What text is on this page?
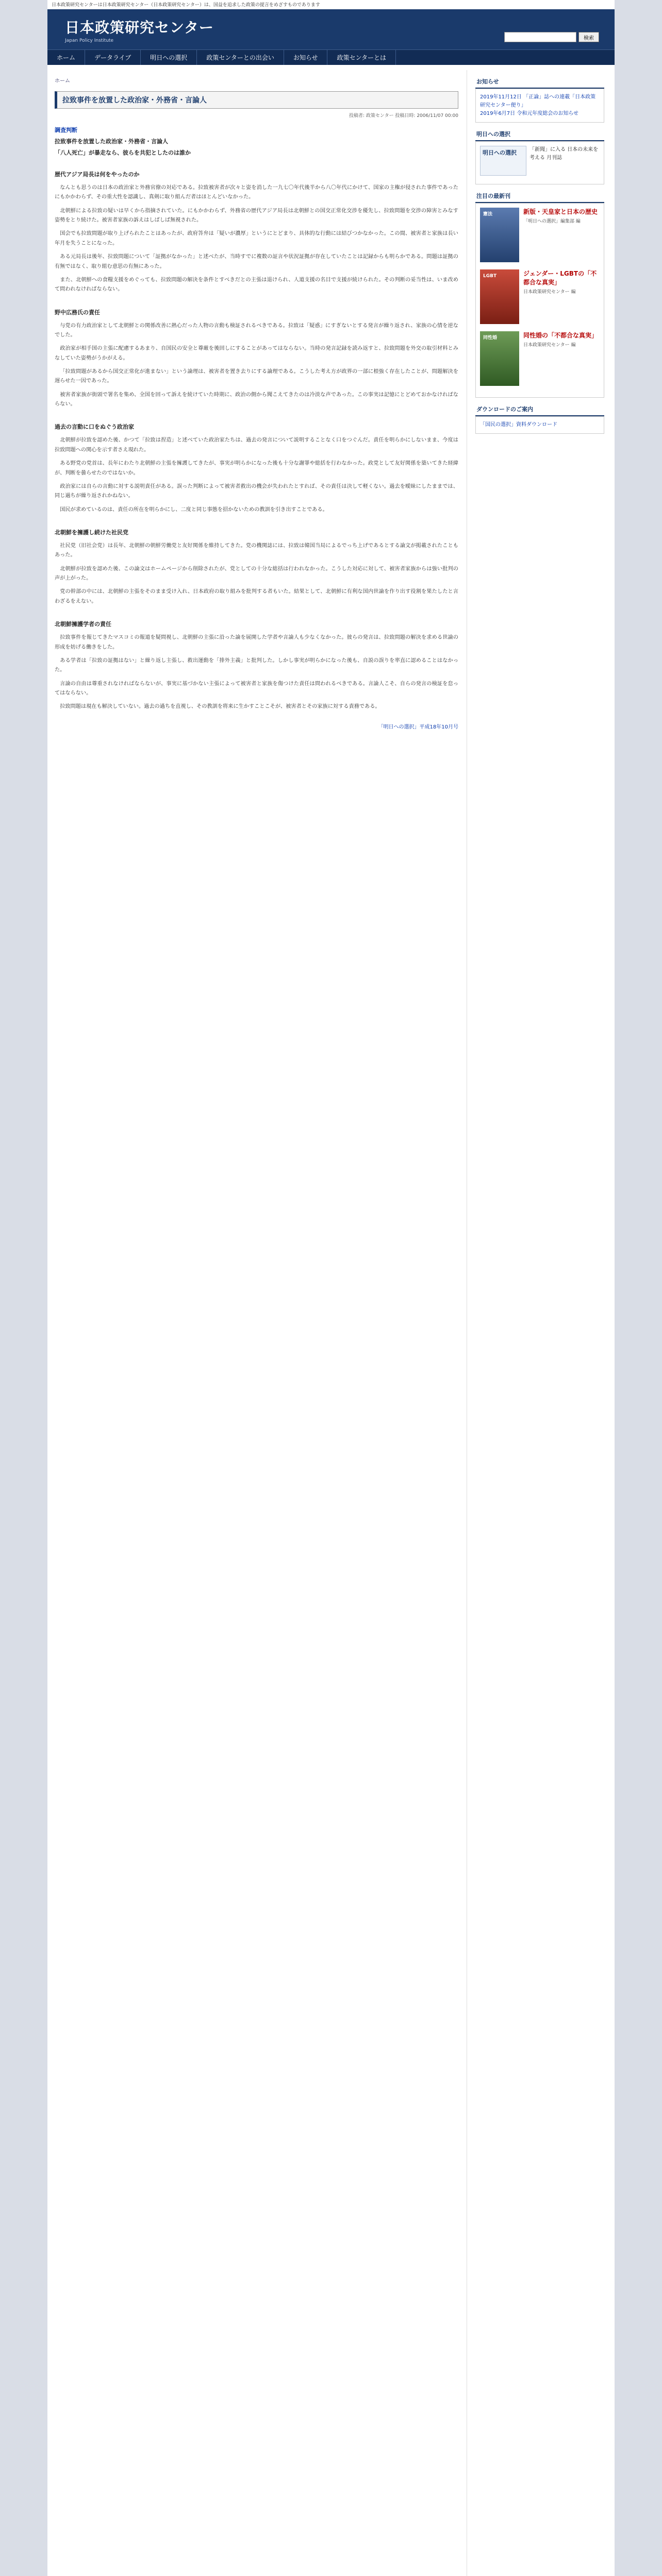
日本政策研究センターは日本政策研究センター（日本政策研究センター）は、国益を追求した政策の提言をめざすものであります
日本政策研究センター
Japan Policy Institute	検索
ホーム	データライブ	明日への選択	政策センターとの出会い	お知らせ	政策センターとは
ホーム
拉致事件を放置した政治家・外務省・言論人
投稿者: 政策センター 投稿日時: 2006/11/07 00:00
調査判断
拉致事件を放置した政治家・外務省・言論人
「八人死亡」が暴走なら、彼らを共犯としたのは誰か
歴代アジア局長は何をやったのか

なんとも思うのは日本の政治家と外務官僚の対応である。拉致被害者が次々と姿を消した一九七〇年代後半から八〇年代にかけて、国家の主権が侵された事件であったにもかかわらず、その重大性を認識し、真剣に取り組んだ者はほとんどいなかった。

北朝鮮による拉致の疑いは早くから指摘されていた。にもかかわらず、外務省の歴代アジア局長は北朝鮮との国交正常化交渉を優先し、拉致問題を交渉の障害とみなす姿勢をとり続けた。被害者家族の訴えはしばしば無視された。

国会でも拉致問題が取り上げられたことはあったが、政府答弁は「疑いが濃厚」というにとどまり、具体的な行動には結びつかなかった。この間、被害者と家族は長い年月を失うことになった。

ある元局長は後年、拉致問題について「証拠がなかった」と述べたが、当時すでに複数の証言や状況証拠が存在していたことは記録からも明らかである。問題は証拠の有無ではなく、取り組む意思の有無にあった。

また、北朝鮮への食糧支援をめぐっても、拉致問題の解決を条件とすべきだとの主張は退けられ、人道支援の名目で支援が続けられた。その判断の妥当性は、いま改めて問われなければならない。

野中広務氏の責任

与党の有力政治家として北朝鮮との関係改善に熱心だった人物の言動も検証されるべきである。拉致は「疑惑」にすぎないとする発言が繰り返され、家族の心情を逆なでした。

政治家が相手国の主張に配慮するあまり、自国民の安全と尊厳を後回しにすることがあってはならない。当時の発言記録を読み返すと、拉致問題を外交の取引材料とみなしていた姿勢がうかがえる。

「拉致問題があるから国交正常化が進まない」という論理は、被害者を置き去りにする論理である。こうした考え方が政界の一部に根強く存在したことが、問題解決を遅らせた一因であった。

被害者家族が街頭で署名を集め、全国を回って訴えを続けていた時期に、政治の側から聞こえてきたのは冷淡な声であった。この事実は記憶にとどめておかなければならない。

過去の言動に口をぬぐう政治家

北朝鮮が拉致を認めた後、かつて「拉致は捏造」と述べていた政治家たちは、過去の発言について説明することなく口をつぐんだ。責任を明らかにしないまま、今度は拉致問題への関心を示す者さえ現れた。

ある野党の党首は、長年にわたり北朝鮮の主張を擁護してきたが、事実が明らかになった後も十分な謝罪や総括を行わなかった。政党として友好関係を築いてきた経緯が、判断を曇らせたのではないか。

政治家には自らの言動に対する説明責任がある。誤った判断によって被害者救出の機会が失われたとすれば、その責任は決して軽くない。過去を曖昧にしたままでは、同じ過ちが繰り返されかねない。

国民が求めているのは、責任の所在を明らかにし、二度と同じ事態を招かないための教訓を引き出すことである。

北朝鮮を擁護し続けた社民党

社民党（旧社会党）は長年、北朝鮮の朝鮮労働党と友好関係を維持してきた。党の機関誌には、拉致は韓国当局によるでっち上げであるとする論文が掲載されたこともあった。

北朝鮮が拉致を認めた後、この論文はホームページから削除されたが、党としての十分な総括は行われなかった。こうした対応に対して、被害者家族からは強い批判の声が上がった。

党の幹部の中には、北朝鮮の主張をそのまま受け入れ、日本政府の取り組みを批判する者もいた。結果として、北朝鮮に有利な国内世論を作り出す役割を果たしたと言わざるをえない。

北朝鮮擁護学者の責任

拉致事件を報じてきたマスコミの報道を疑問視し、北朝鮮の主張に沿った論を展開した学者や言論人も少なくなかった。彼らの発言は、拉致問題の解決を求める世論の形成を妨げる働きをした。

ある学者は「拉致の証拠はない」と繰り返し主張し、救出運動を「排外主義」と批判した。しかし事実が明らかになった後も、自説の誤りを率直に認めることはなかった。

言論の自由は尊重されなければならないが、事実に基づかない主張によって被害者と家族を傷つけた責任は問われるべきである。言論人こそ、自らの発言の検証を怠ってはならない。

拉致問題は現在も解決していない。過去の過ちを直視し、その教訓を将来に生かすことこそが、被害者とその家族に対する責務である。

「明日への選択」平成18年10月号
お知らせ
2019年11月12日 「正論」誌への連載「日本政策研究センター便り」
2019年6月7日 令和元年度総会のお知らせ
明日への選択
明日への選択	「新聞」に入る 日本の未来を考える 月刊誌
注目の最新刊
憲法	新版・天皇家と日本の歴史
「明日への選択」編集部 編
LGBT	ジェンダー・LGBTの「不都合な真実」
日本政策研究センター 編
同性婚	同性婚の「不都合な真実」
日本政策研究センター 編
ダウンロードのご案内
「国民の選択」資料ダウンロード
